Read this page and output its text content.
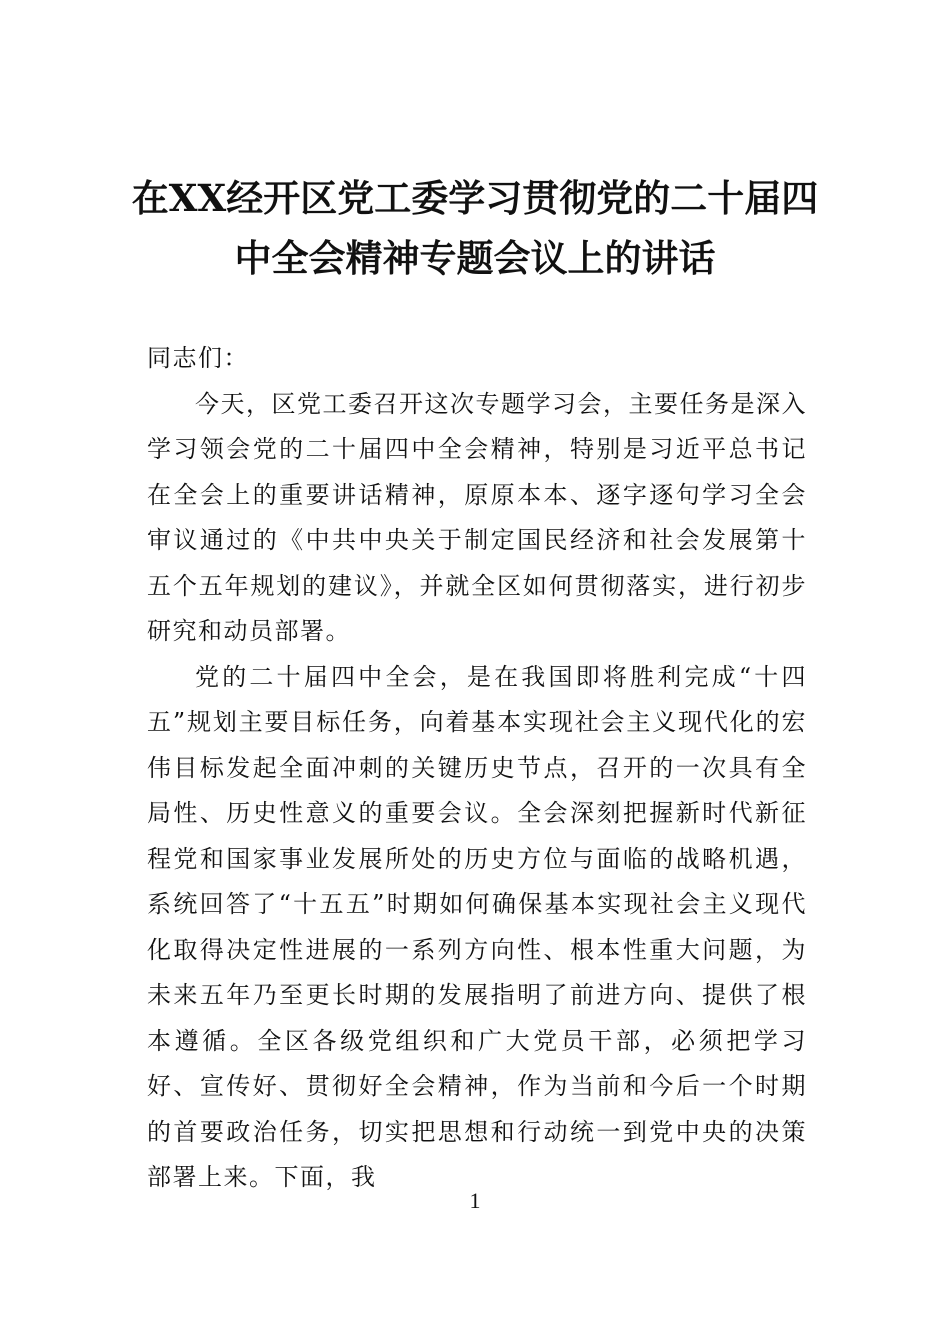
在XX经开区党工委学习贯彻党的二十届四
中全会精神专题会议上的讲话

同志们：

今天，区党工委召开这次专题学习会，主要任务是深入学习领会党的二十届四中全会精神，特别是习近平总书记在全会上的重要讲话精神，原原本本、逐字逐句学习全会审议通过的《中共中央关于制定国民经济和社会发展第十五个五年规划的建议》，并就全区如何贯彻落实，进行初步研究和动员部署。

党的二十届四中全会，是在我国即将胜利完成“十四五”规划主要目标任务，向着基本实现社会主义现代化的宏伟目标发起全面冲刺的关键历史节点，召开的一次具有全局性、历史性意义的重要会议。全会深刻把握新时代新征程党和国家事业发展所处的历史方位与面临的战略机遇，系统回答了“十五五”时期如何确保基本实现社会主义现代化取得决定性进展的一系列方向性、根本性重大问题，为未来五年乃至更长时期的发展指明了前进方向、提供了根本遵循。全区各级党组织和广大党员干部，必须把学习好、宣传好、贯彻好全会精神，作为当前和今后一个时期的首要政治任务，切实把思想和行动统一到党中央的决策部署上来。下面，我

1
